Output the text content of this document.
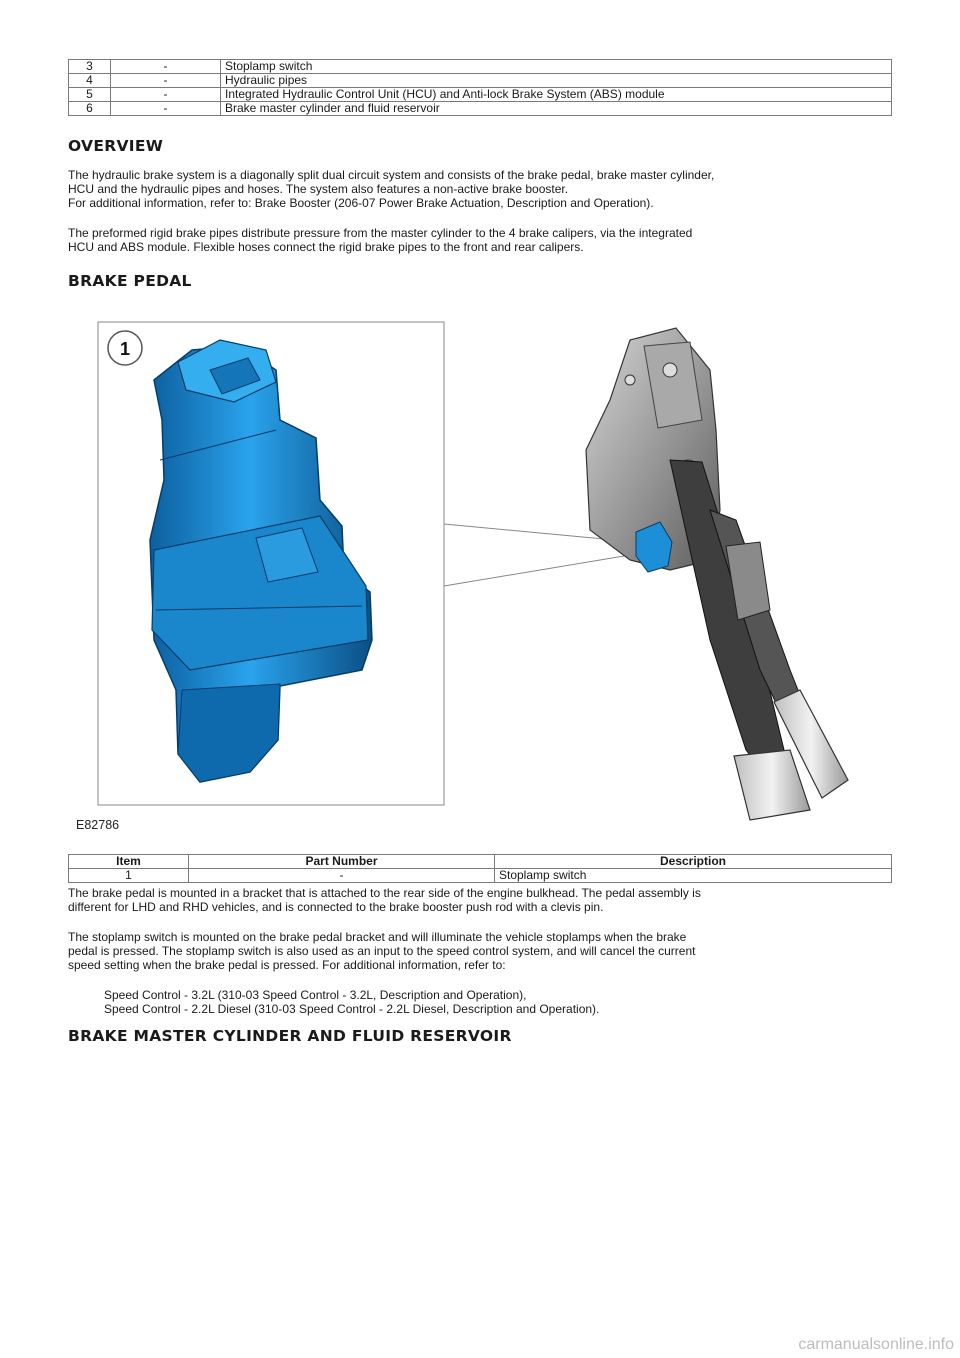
3	-	Stoplamp switch
4	-	Hydraulic pipes
5	-	Integrated Hydraulic Control Unit (HCU) and Anti-lock Brake System (ABS) module
6	-	Brake master cylinder and fluid reservoir
OVERVIEW

The hydraulic brake system is a diagonally split dual circuit system and consists of the brake pedal, brake master cylinder,

HCU and the hydraulic pipes and hoses. The system also features a non-active brake booster.

For additional information, refer to: Brake Booster (206-07 Power Brake Actuation, Description and Operation).

The preformed rigid brake pipes distribute pressure from the master cylinder to the 4 brake calipers, via the integrated

HCU and ABS module. Flexible hoses connect the rigid brake pipes to the front and rear calipers.

BRAKE PEDAL
1
E82786
Item	Part Number	Description
1	-	Stoplamp switch

The brake pedal is mounted in a bracket that is attached to the rear side of the engine bulkhead. The pedal assembly is

different for LHD and RHD vehicles, and is connected to the brake booster push rod with a clevis pin.

The stoplamp switch is mounted on the brake pedal bracket and will illuminate the vehicle stoplamps when the brake

pedal is pressed. The stoplamp switch is also used as an input to the speed control system, and will cancel the current

speed setting when the brake pedal is pressed. For additional information, refer to:

Speed Control - 3.2L (310-03 Speed Control - 3.2L, Description and Operation),

Speed Control - 2.2L Diesel (310-03 Speed Control - 2.2L Diesel, Description and Operation).

BRAKE MASTER CYLINDER AND FLUID RESERVOIR
carmanualsonline.info
